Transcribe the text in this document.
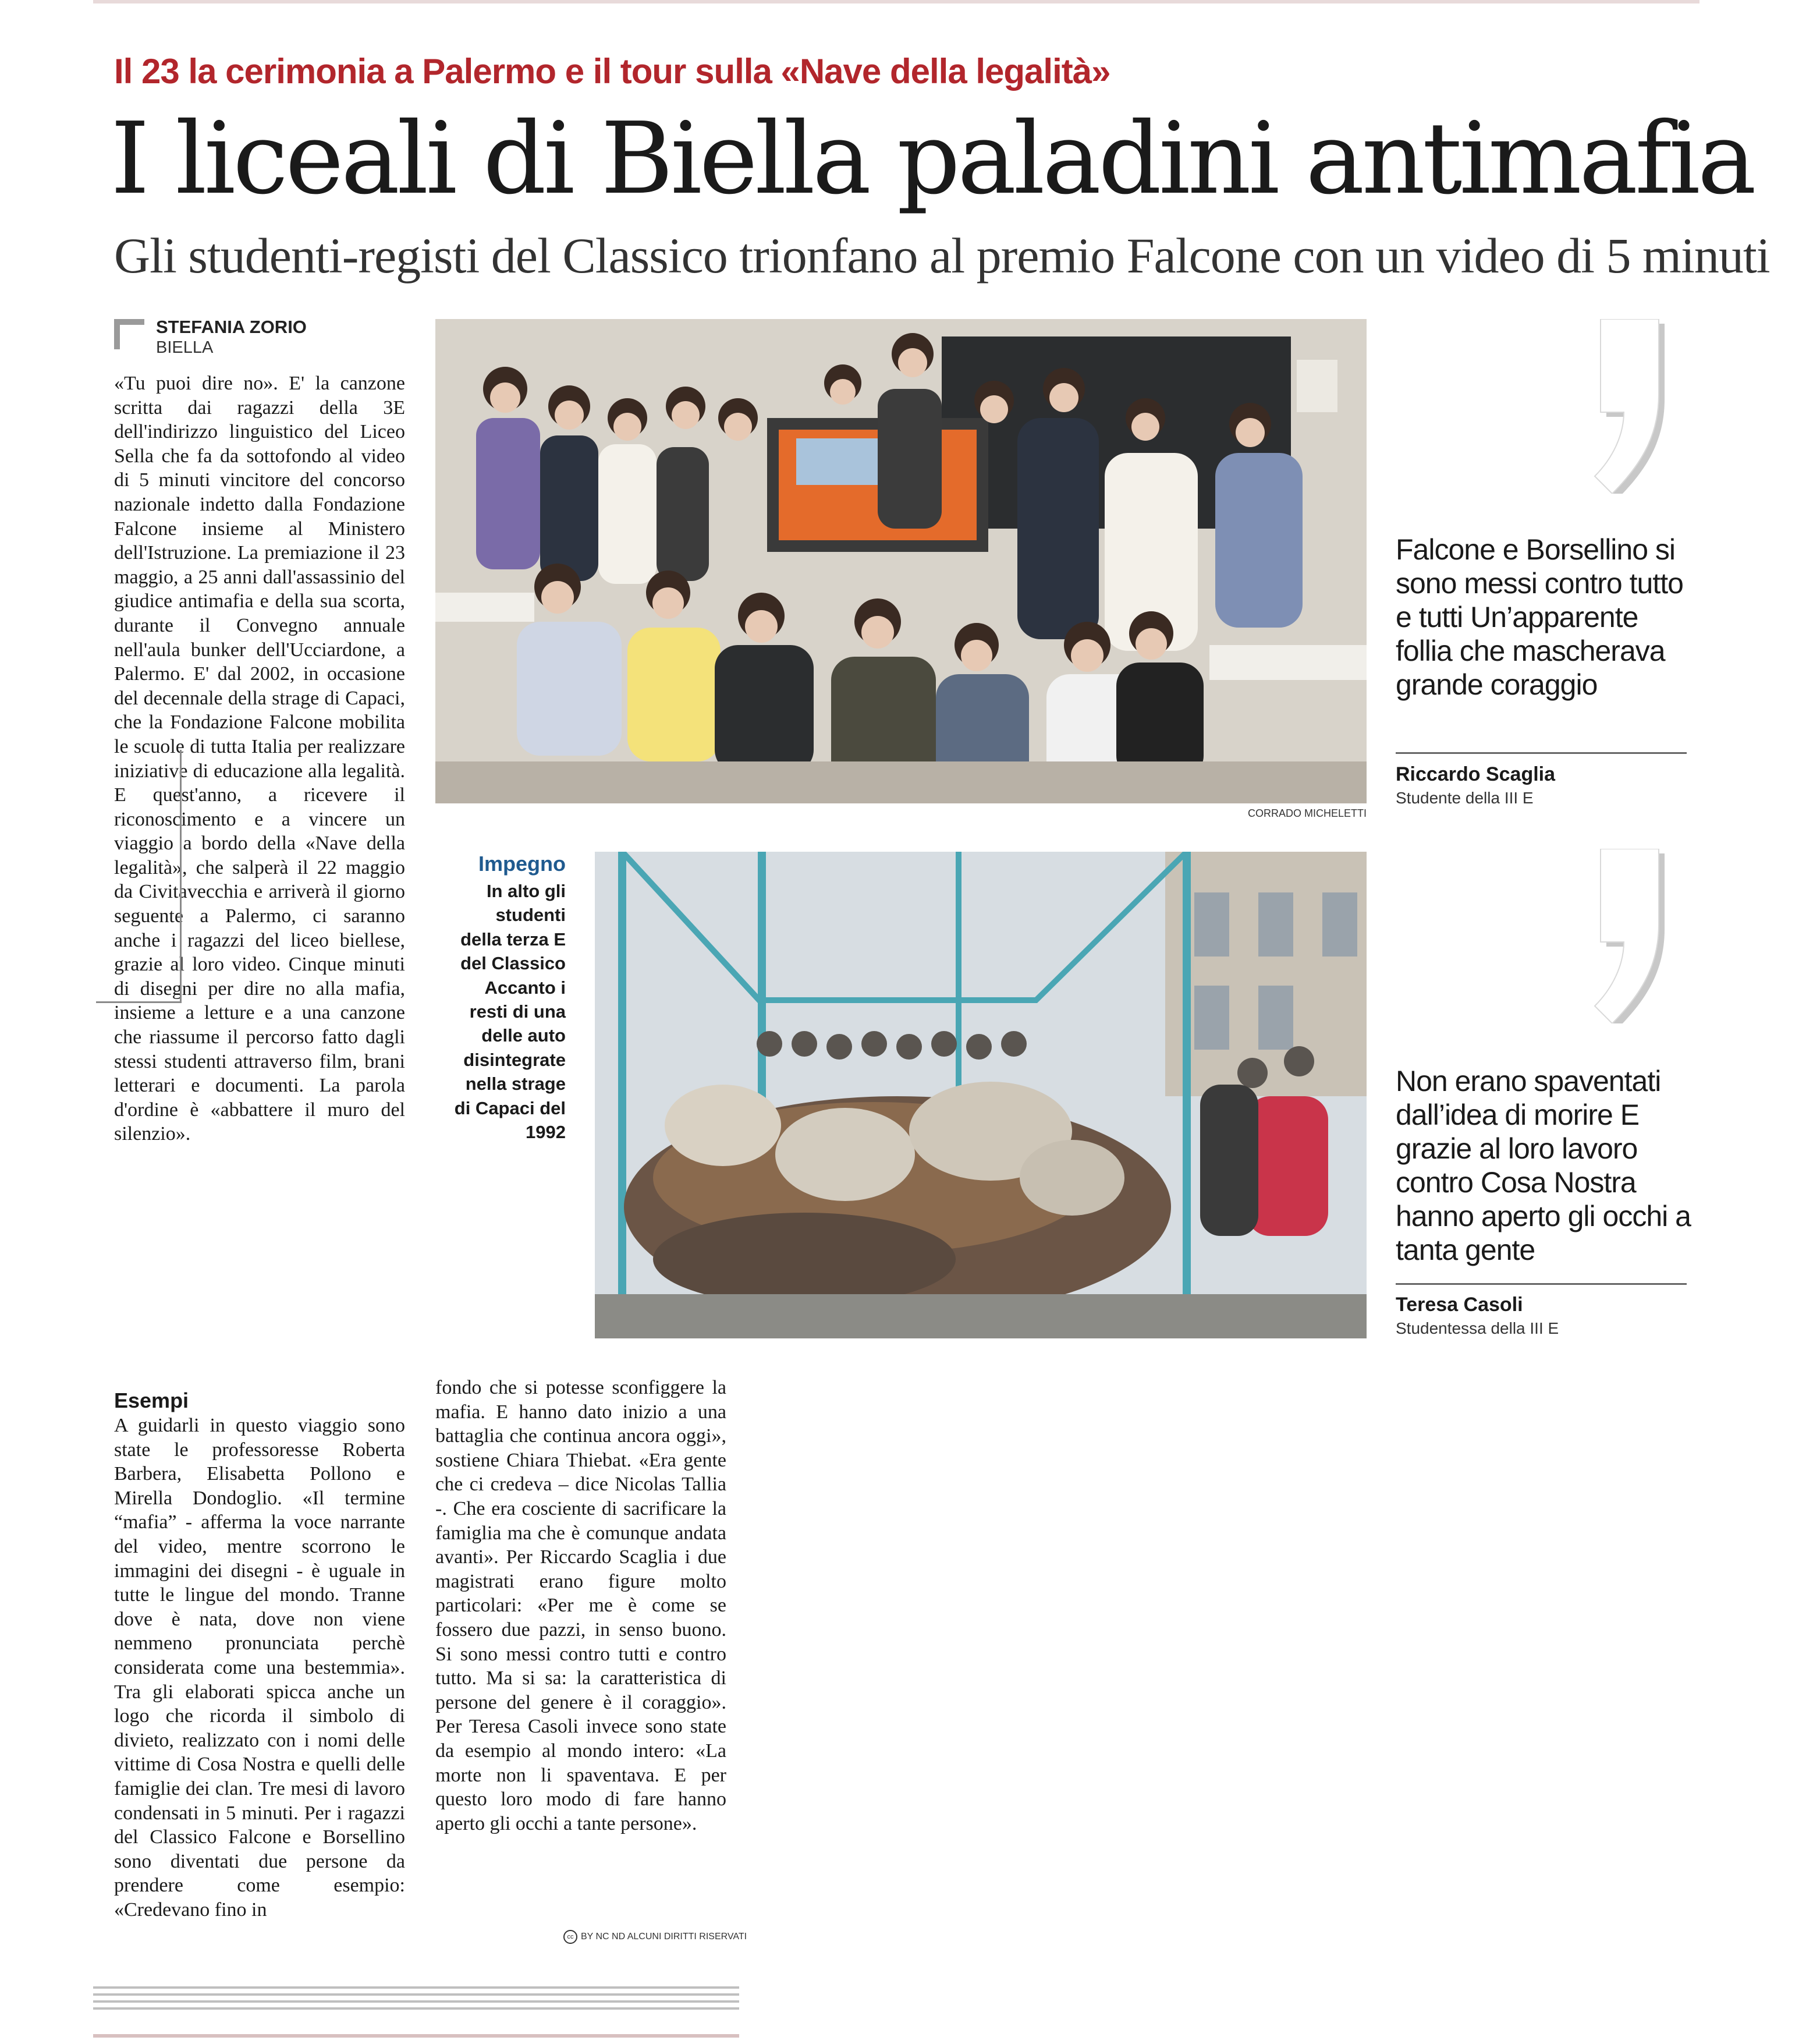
Il 23 la cerimonia a Palermo e il tour sulla «Nave della legalità»
I liceali di Biella paladini antimafia
Gli studenti-registi del Classico trionfano al premio Falcone con un video di 5 minuti
STEFANIA ZORIO
BIELLA

«Tu puoi dire no». E' la canzone scritta dai ragazzi della 3E dell'indirizzo linguistico del Liceo Sella che fa da sottofondo al video di 5 minuti vincitore del concorso nazionale indetto dalla Fondazione Falcone insieme al Ministero dell'Istruzione. La premiazione il 23 maggio, a 25 anni dall'assassinio del giudice antimafia e della sua scorta, durante il Convegno annuale nell'aula bunker dell'Ucciardone, a Palermo. E' dal 2002, in occasione del decennale della strage di Capaci, che la Fondazione Falcone mobilita le scuole di tutta Italia per realizzare iniziative di educazione alla legalità. E quest'anno, a ricevere il riconoscimento e a vincere un viaggio a bordo della «Nave della legalità», che salperà il 22 maggio da Civitavecchia e arriverà il giorno seguente a Palermo, ci saranno anche i ragazzi del liceo biellese, grazie al loro video. Cinque minuti di disegni per dire no alla mafia, insieme a letture e a una canzone che riassume il percorso fatto dagli stessi studenti attraverso film, brani letterari e documenti. La parola d'ordine è «abbattere il muro del silenzio».

Esempi

A guidarli in questo viaggio sono state le professoresse Roberta Barbera, Elisabetta Pollono e Mirella Dondoglio. «Il termine “mafia” - afferma la voce narrante del video, mentre scorrono le immagini dei disegni - è uguale in tutte le lingue del mondo. Tranne dove è nata, dove non viene nemmeno pronunciata perchè considerata come una bestemmia». Tra gli elaborati spicca anche un logo che ricorda il simbolo di divieto, realizzato con i nomi delle vittime di Cosa Nostra e quelli delle famiglie dei clan. Tre mesi di lavoro condensati in 5 minuti. Per i ragazzi del Classico Falcone e Borsellino sono diventati due persone da prendere come esempio: «Credevano fino in

fondo che si potesse sconfiggere la mafia. E hanno dato inizio a una battaglia che continua ancora oggi», sostiene Chiara Thiebat. «Era gente che ci credeva – dice Nicolas Tallia -. Che era cosciente di sacrificare la famiglia ma che è comunque andata avanti». Per Riccardo Scaglia i due magistrati erano figure molto particolari: «Per me è come se fossero due pazzi, in senso buono. Si sono messi contro tutti e contro tutto. Ma si sa: la caratteristica di persone del genere è il coraggio». Per Teresa Casoli invece sono state da esempio al mondo intero: «La morte non li spaventava. E per questo loro modo di fare hanno aperto gli occhi a tante persone».

CORRADO MICHELETTI
Impegno
In alto gli studenti della terza E del Classico Accanto i resti di una delle auto disintegrate nella strage di Capaci del 1992
Falcone e Borsellino si sono messi contro tutto e tutti Un’apparente follia che mascherava grande coraggio
Riccardo Scaglia
Studente della III E
Non erano spaventati dall’idea di morire E grazie al loro lavoro contro Cosa Nostra hanno aperto gli occhi a tanta gente
Teresa Casoli
Studentessa della III E
cc BY NC ND ALCUNI DIRITTI RISERVATI
